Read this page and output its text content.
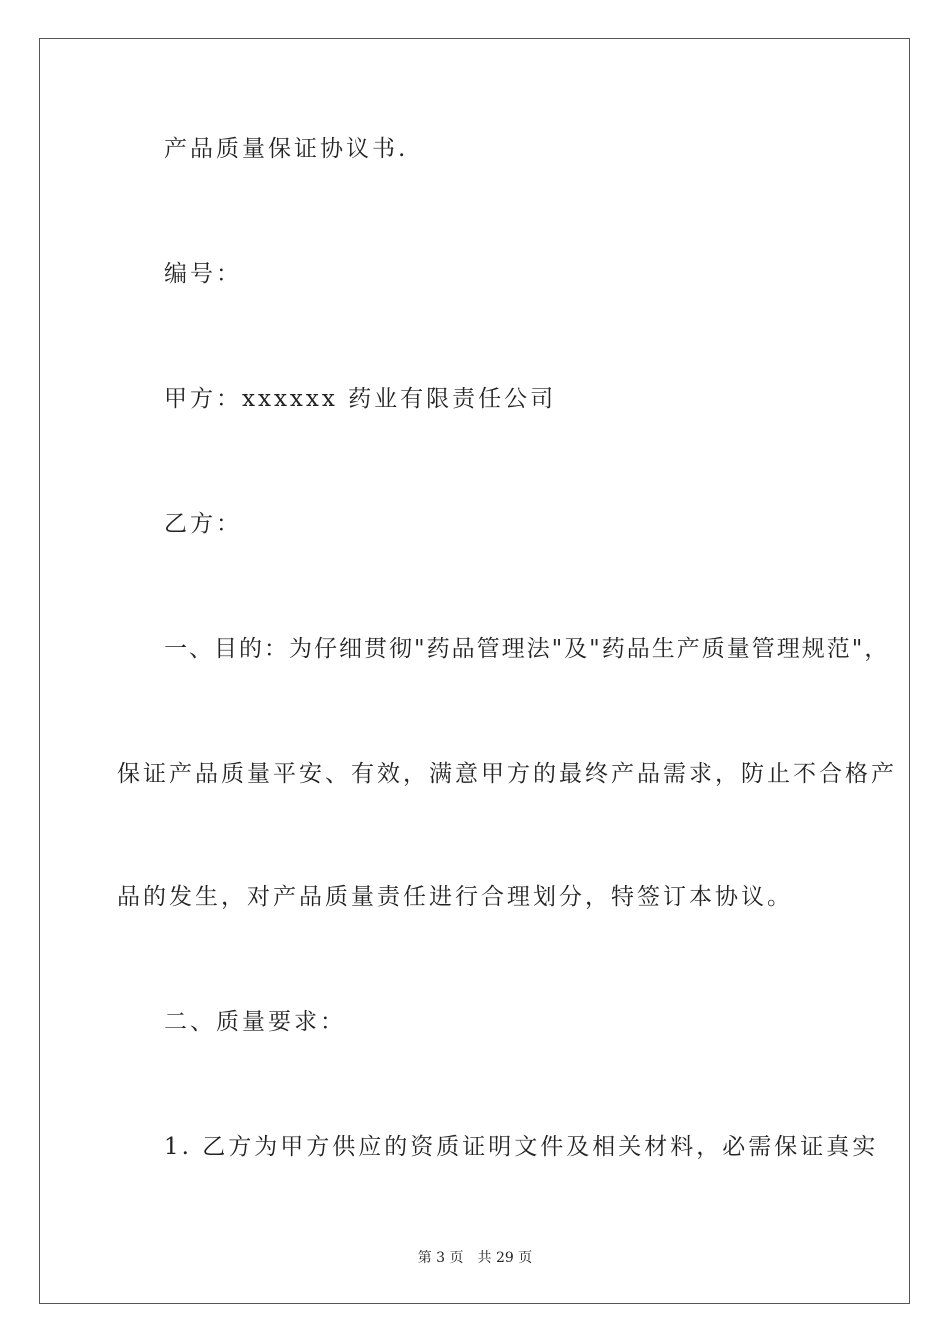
产品质量保证协议书.

编号：

甲方：xxxxxx 药业有限责任公司

乙方：

一、目的：为仔细贯彻"药品管理法"及"药品生产质量管理规范"，

保证产品质量平安、有效，满意甲方的最终产品需求，防止不合格产

品的发生，对产品质量责任进行合理划分，特签订本协议。

二、质量要求：

1. 乙方为甲方供应的资质证明文件及相关材料，必需保证真实

第 3 页 共 29 页
